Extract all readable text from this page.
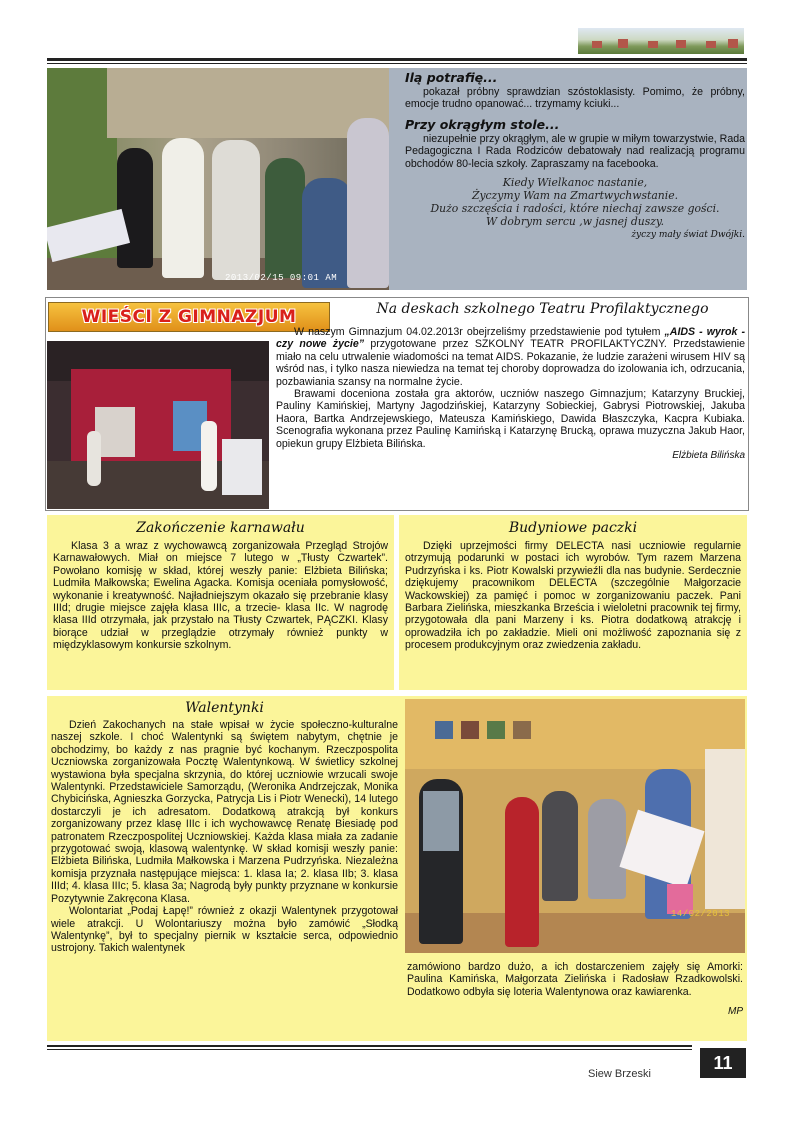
2013/02/15 09:01 AM
Ilą potrafię...
pokazał próbny sprawdzian szóstoklasisty. Pomimo, że próbny, emocje trudno opanować... trzymamy kciuki...
Przy okrągłym stole...
niezupełnie przy okrągłym, ale w grupie w miłym towarzystwie, Rada Pedagogiczna I Rada Rodziców debatowały nad realizacją programu obchodów 80-lecia szkoły. Zapraszamy na facebooka.
Kiedy Wielkanoc nastanie,
Życzymy Wam na Zmartwychwstanie.
Dużo szczęścia i radości, które niechaj zawsze gości.
W dobrym sercu ,w jasnej duszy.
życzy mały świat Dwójki.
WIEŚCI Z GIMNAZJUM	Na deskach szkolnego Teatru Profilaktycznego
W naszym Gimnazjum 04.02.2013r obejrzeliśmy przedstawienie pod tytułem „AIDS - wyrok - czy nowe życie” przygotowane przez SZKOLNY TEATR PROFILAKTYCZNY. Przedstawienie miało na celu utrwalenie wiadomości na temat AIDS. Pokazanie, że ludzie zarażeni wirusem HIV są wśród nas, i tylko nasza niewiedza na temat tej choroby doprowadza do izolowania ich, odrzucania, pozbawiania szansy na normalne życie.
Brawami doceniona została gra aktorów, uczniów naszego Gimnazjum; Katarzyny Bruckiej, Pauliny Kamińskiej, Martyny Jagodzińskiej, Katarzyny Sobieckiej, Gabrysi Piotrowskiej, Jakuba Haora, Bartka Andrzejewskiego, Mateusza Kamińskiego, Dawida Błaszczyka, Kacpra Kubiaka. Scenografia wykonana przez Paulinę Kamińską i Katarzynę Brucką, oprawa muzyczna Jakub Haor, opiekun grupy Elżbieta Bilińska.
Elżbieta Bilińska
Zakończenie karnawału
Klasa 3 a wraz z wychowawcą zorganizowała Przegląd Strojów Karnawałowych. Miał on miejsce 7 lutego w „Tłusty Czwartek”. Powołano komisję w skład, której weszły panie: Elżbieta Bilińska; Ludmiła Małkowska; Ewelina Agacka. Komisja oceniała pomysłowość, wykonanie i kreatywność. Najładniejszym okazało się przebranie klasy IIId; drugie miejsce zajęła klasa IIIc, a trzecie- klasa IIc. W nagrodę klasa IIId otrzymała, jak przystało na Tłusty Czwartek, PĄCZKI. Klasy biorące udział w przeglądzie otrzymały również punkty w międzyklasowym konkursie szkolnym.
Budyniowe paczki
Dzięki uprzejmości firmy DELECTA nasi uczniowie regularnie otrzymują podarunki w postaci ich wyrobów. Tym razem Marzena Pudrzyńska i ks. Piotr Kowalski przywieźli dla nas budynie. Serdecznie dziękujemy pracownikom DELECTA (szczególnie Małgorzacie Wackowskiej) za pamięć i pomoc w zorganizowaniu paczek. Pani Barbara Zielińska, mieszkanka Brześcia i wieloletni pracownik tej firmy, przygotowała dla pani Marzeny i ks. Piotra dodatkową atrakcję i oprowadziła ich po zakładzie. Mieli oni możliwość zapoznania się z procesem produkcyjnym oraz zwiedzenia zakładu.
Walentynki
Dzień Zakochanych na stałe wpisał w życie społeczno-kulturalne naszej szkole. I choć Walentynki są świętem nabytym, chętnie je obchodzimy, bo każdy z nas pragnie być kochanym. Rzeczpospolita Uczniowska zorganizowała Pocztę Walentynkową. W świetlicy szkolnej wystawiona była specjalna skrzynia, do której uczniowie wrzucali swoje Walentynki. Przedstawiciele Samorządu, (Weronika Andrzejczak, Monika Chybicińska, Agnieszka Gorzycka, Patrycja Lis i Piotr Wenecki), 14 lutego dostarczyli je ich adresatom. Dodatkową atrakcją był konkurs zorganizowany przez klasę IIIc i ich wychowawcę Renatę Biesiadę pod patronatem Rzeczpospolitej Uczniowskiej. Każda klasa miała za zadanie przygotować swoją, klasową walentynkę. W skład komisji weszły panie: Elżbieta Bilińska, Ludmiła Małkowska i Marzena Pudrzyńska. Niezależna komisja przyznała następujące miejsca: 1. klasa Ia; 2. klasa IIb; 3. klasa IIId; 4. klasa IIIc; 5. klasa 3a; Nagrodą były punkty przyznane w konkursie Pozytywnie Zakręcona Klasa.
Wolontariat „Podaj Łapę!” również z okazji Walentynek przygotował wiele atrakcji. U Wolontariuszy można było zamówić „Słodką Walentynkę”, był to specjalny piernik w kształcie serca, odpowiednio ustrojony. Takich walentynek
14/02/2013
zamówiono bardzo dużo, a ich dostarczeniem zajęły się Amorki: Paulina Kamińska, Małgorzata Zielińska i Radosław Rzadkowolski. Dodatkowo odbyła się loteria Walentynowa oraz kawiarenka.
MP
Siew Brzeski
11
